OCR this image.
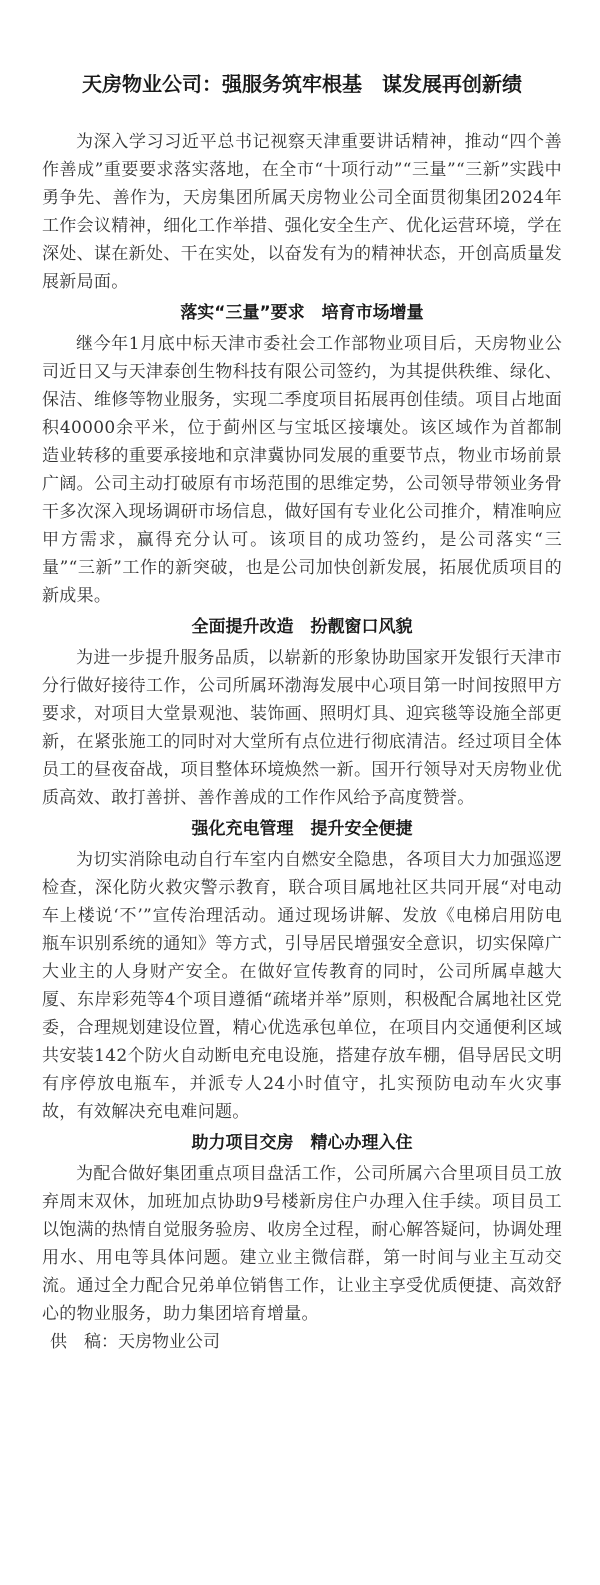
天房物业公司：强服务筑牢根基　谋发展再创新绩

为深入学习习近平总书记视察天津重要讲话精神，推动“四个善作善成”重要要求落实落地，在全市“十项行动”“三量”“三新”实践中勇争先、善作为，天房集团所属天房物业公司全面贯彻集团2024年工作会议精神，细化工作举措、强化安全生产、优化运营环境，学在深处、谋在新处、干在实处，以奋发有为的精神状态，开创高质量发展新局面。

落实“三量”要求　培育市场增量

继今年1月底中标天津市委社会工作部物业项目后，天房物业公司近日又与天津泰创生物科技有限公司签约，为其提供秩维、绿化、保洁、维修等物业服务，实现二季度项目拓展再创佳绩。项目占地面积40000余平米，位于蓟州区与宝坻区接壤处。该区域作为首都制造业转移的重要承接地和京津冀协同发展的重要节点，物业市场前景广阔。公司主动打破原有市场范围的思维定势，公司领导带领业务骨干多次深入现场调研市场信息，做好国有专业化公司推介，精准响应甲方需求，赢得充分认可。该项目的成功签约，是公司落实“三量”“三新”工作的新突破，也是公司加快创新发展，拓展优质项目的新成果。

全面提升改造　扮靓窗口风貌

为进一步提升服务品质，以崭新的形象协助国家开发银行天津市分行做好接待工作，公司所属环渤海发展中心项目第一时间按照甲方要求，对项目大堂景观池、装饰画、照明灯具、迎宾毯等设施全部更新，在紧张施工的同时对大堂所有点位进行彻底清洁。经过项目全体员工的昼夜奋战，项目整体环境焕然一新。国开行领导对天房物业优质高效、敢打善拼、善作善成的工作作风给予高度赞誉。

强化充电管理　提升安全便捷

为切实消除电动自行车室内自燃安全隐患，各项目大力加强巡逻检查，深化防火救灾警示教育，联合项目属地社区共同开展“对电动车上楼说‘不’”宣传治理活动。通过现场讲解、发放《电梯启用防电瓶车识别系统的通知》等方式，引导居民增强安全意识，切实保障广大业主的人身财产安全。在做好宣传教育的同时，公司所属卓越大厦、东岸彩苑等4个项目遵循“疏堵并举”原则，积极配合属地社区党委，合理规划建设位置，精心优选承包单位，在项目内交通便利区域共安装142个防火自动断电充电设施，搭建存放车棚，倡导居民文明有序停放电瓶车，并派专人24小时值守，扎实预防电动车火灾事故，有效解决充电难问题。

助力项目交房　精心办理入住

为配合做好集团重点项目盘活工作，公司所属六合里项目员工放弃周末双休，加班加点协助9号楼新房住户办理入住手续。项目员工以饱满的热情自觉服务验房、收房全过程，耐心解答疑问，协调处理用水、用电等具体问题。建立业主微信群，第一时间与业主互动交流。通过全力配合兄弟单位销售工作，让业主享受优质便捷、高效舒心的物业服务，助力集团培育增量。

供　稿：天房物业公司
